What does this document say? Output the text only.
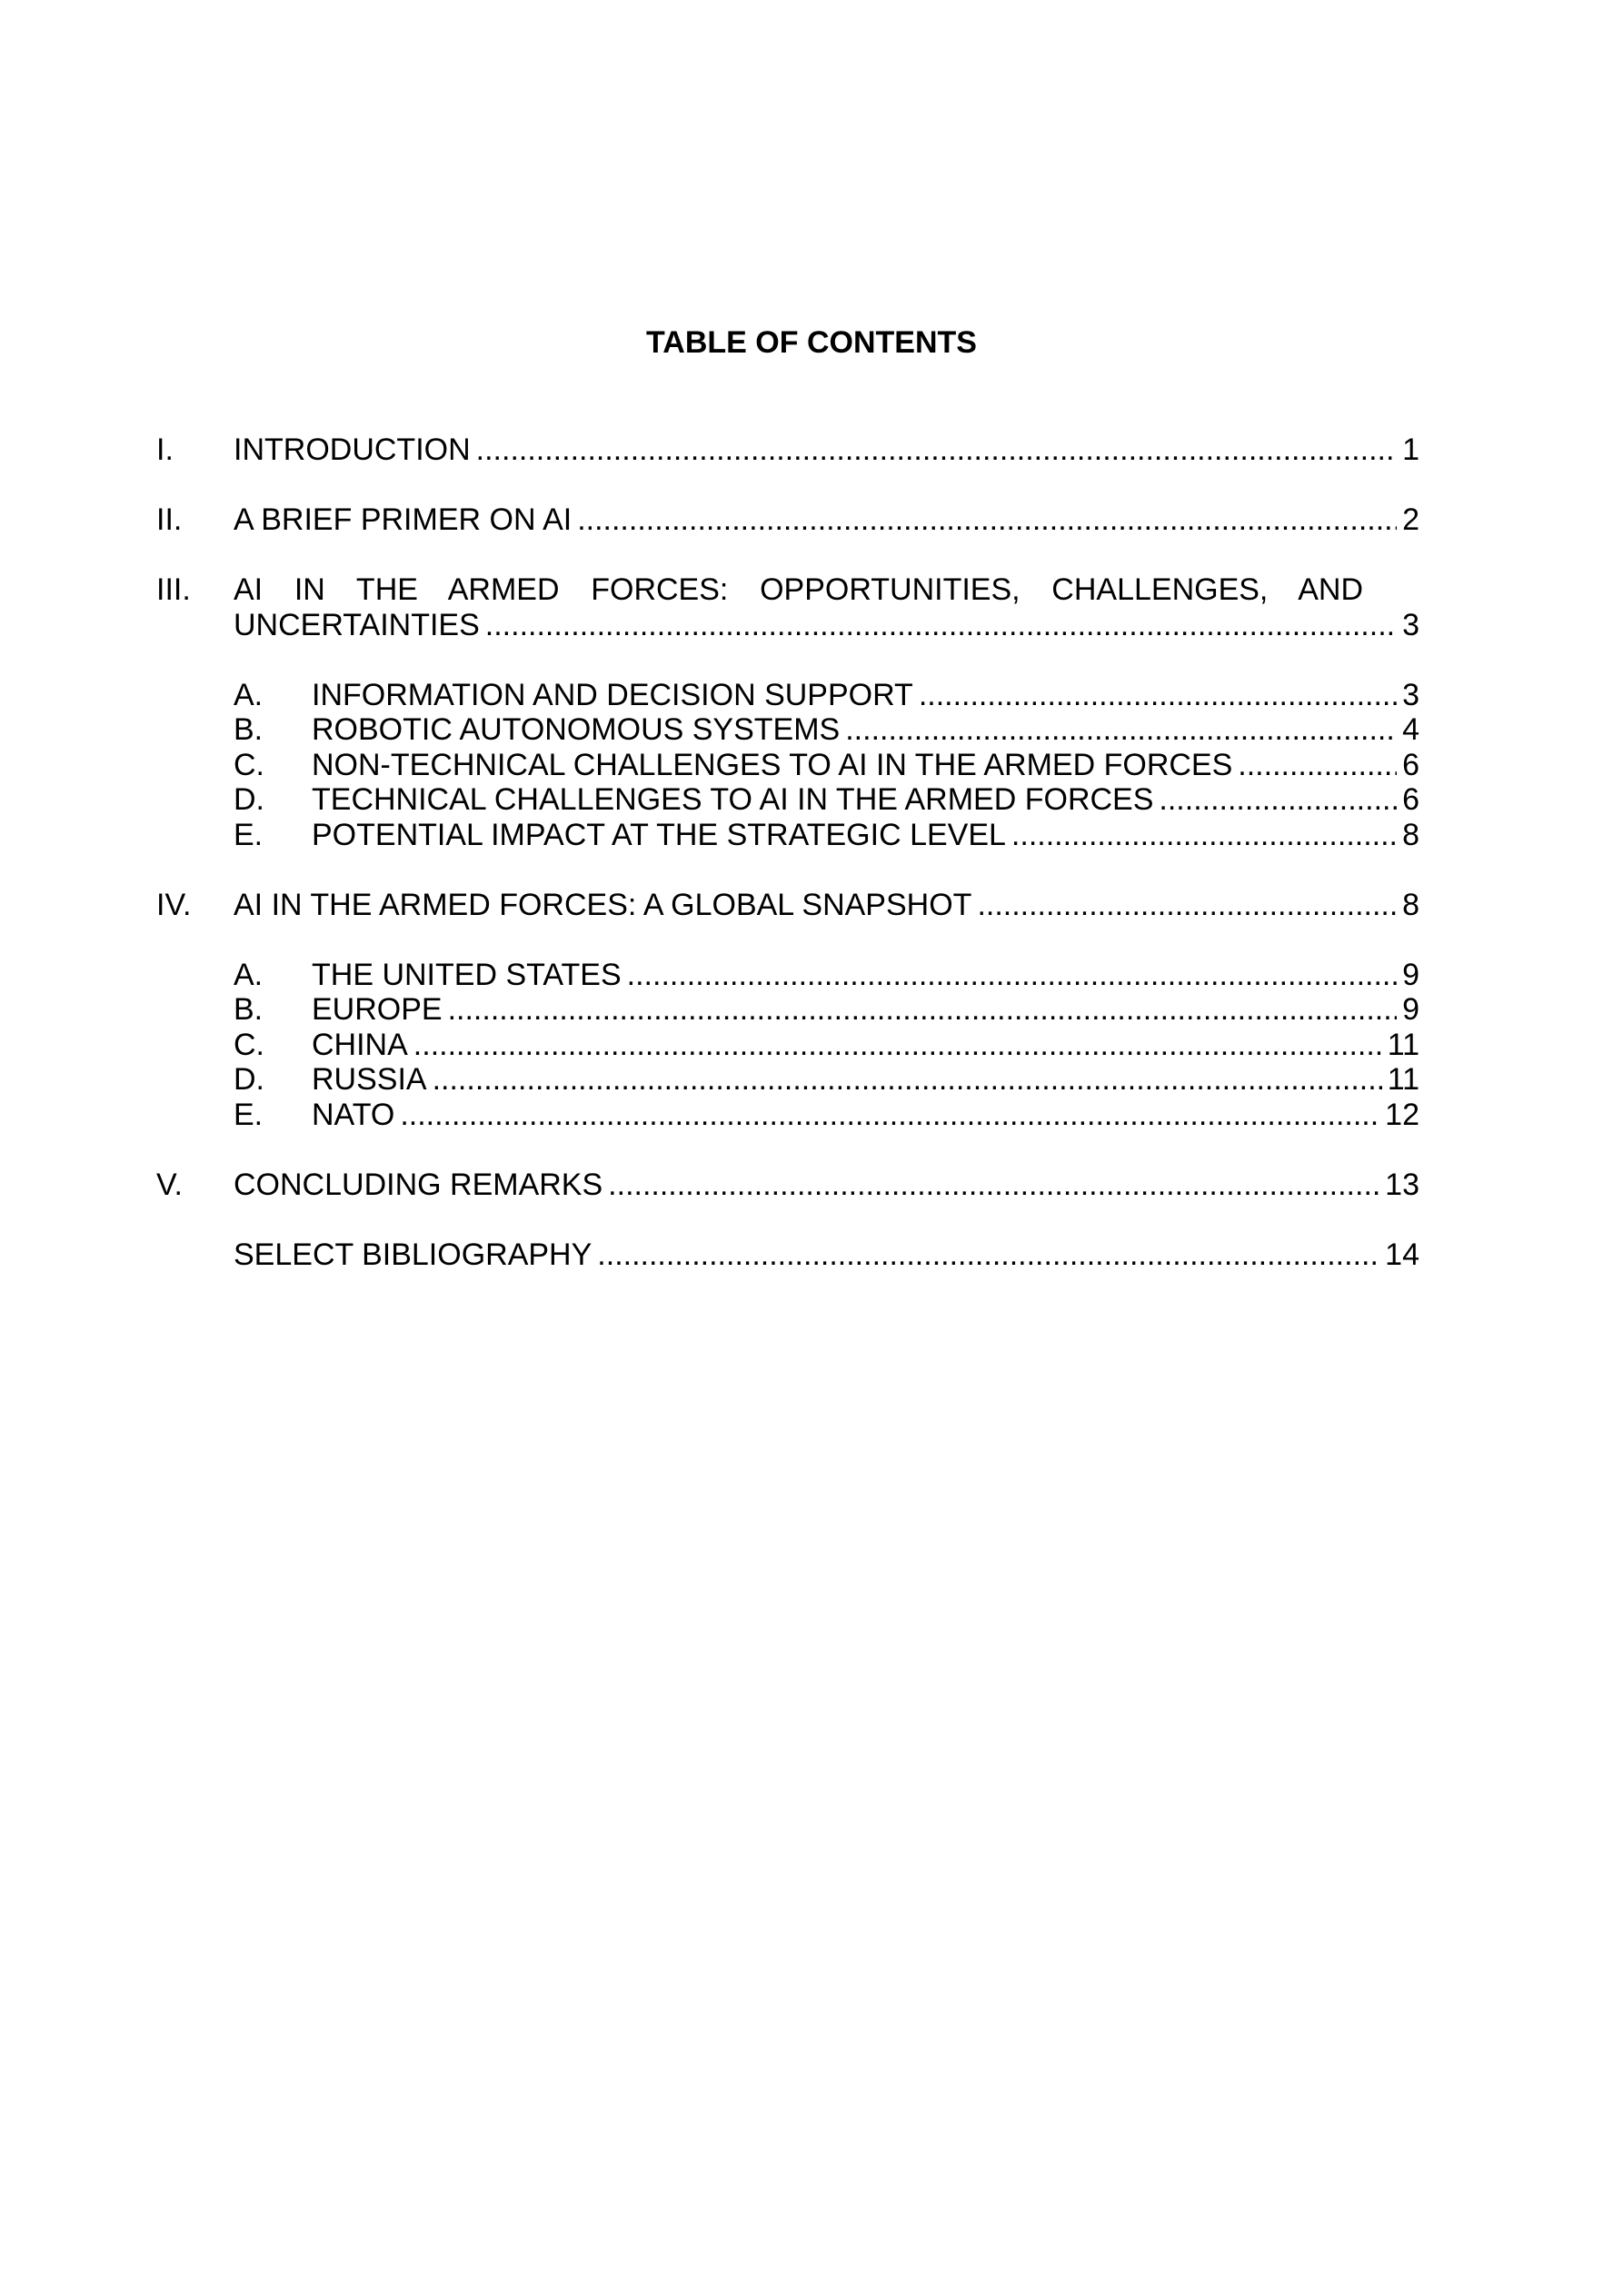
TABLE OF CONTENTS
I. INTRODUCTION .....	1
II. A BRIEF PRIMER ON AI .....	2
III. AI IN THE ARMED FORCES: OPPORTUNITIES, CHALLENGES, AND
UNCERTAINTIES .....	3
A. INFORMATION AND DECISION SUPPORT .....	3
B. ROBOTIC AUTONOMOUS SYSTEMS .....	4
C. NON-TECHNICAL CHALLENGES TO AI IN THE ARMED FORCES .....	6
D. TECHNICAL CHALLENGES TO AI IN THE ARMED FORCES .....	6
E. POTENTIAL IMPACT AT THE STRATEGIC LEVEL .....	8
IV. AI IN THE ARMED FORCES: A GLOBAL SNAPSHOT .....	8
A. THE UNITED STATES .....	9
B. EUROPE .....	9
C. CHINA .....	11
D. RUSSIA .....	11
E. NATO .....	12
V. CONCLUDING REMARKS .....	13
SELECT BIBLIOGRAPHY .....	14
